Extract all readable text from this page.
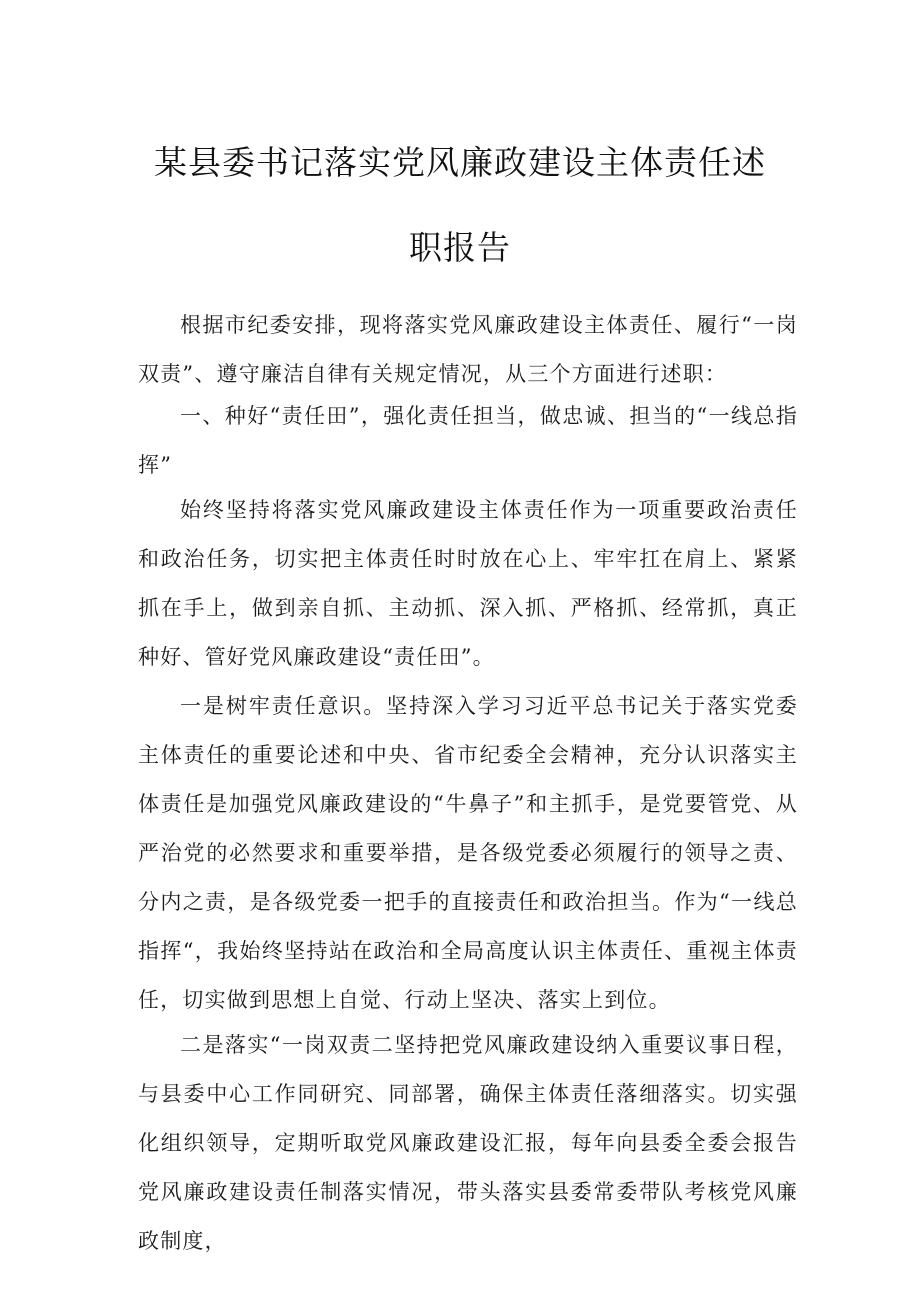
某县委书记落实党风廉政建设主体责任述
职报告

根据市纪委安排，现将落实党风廉政建设主体责任、履行“一岗双责”、遵守廉洁自律有关规定情况，从三个方面进行述职：

一、种好“责任田”，强化责任担当，做忠诚、担当的“一线总指挥”

始终坚持将落实党风廉政建设主体责任作为一项重要政治责任和政治任务，切实把主体责任时时放在心上、牢牢扛在肩上、紧紧抓在手上，做到亲自抓、主动抓、深入抓、严格抓、经常抓，真正种好、管好党风廉政建设“责任田”。

一是树牢责任意识。坚持深入学习习近平总书记关于落实党委主体责任的重要论述和中央、省市纪委全会精神，充分认识落实主体责任是加强党风廉政建设的“牛鼻子”和主抓手，是党要管党、从严治党的必然要求和重要举措，是各级党委必须履行的领导之责、分内之责，是各级党委一把手的直接责任和政治担当。作为“一线总指挥“，我始终坚持站在政治和全局高度认识主体责任、重视主体责任，切实做到思想上自觉、行动上坚决、落实上到位。

二是落实“一岗双责二坚持把党风廉政建设纳入重要议事日程，与县委中心工作同研究、同部署，确保主体责任落细落实。切实强化组织领导，定期听取党风廉政建设汇报，每年向县委全委会报告党风廉政建设责任制落实情况，带头落实县委常委带队考核党风廉政制度，
